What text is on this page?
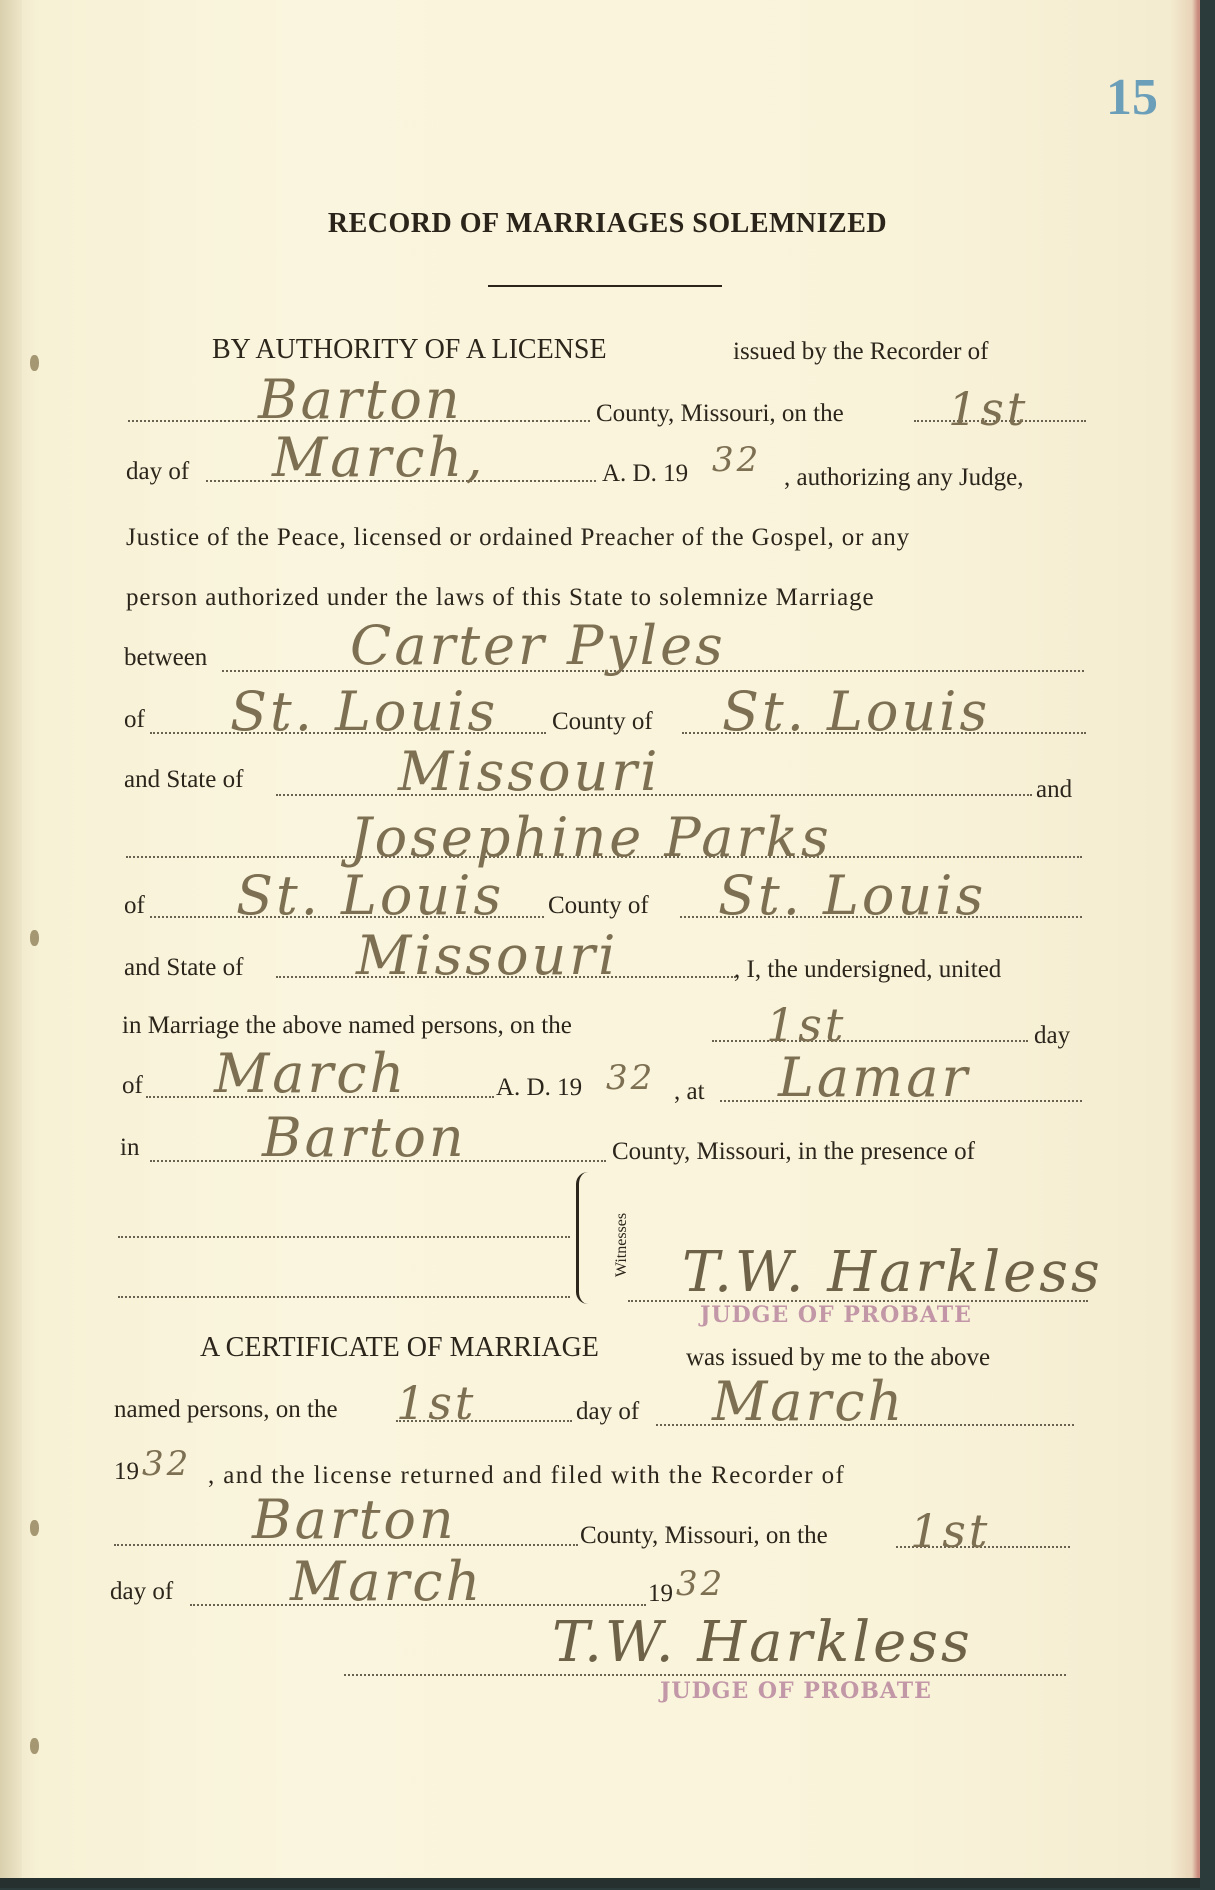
15
RECORD OF MARRIAGES SOLEMNIZED
BY AUTHORITY OF A LICENSE	issued by the Recorder of
Barton	County, Missouri, on the 1st
day of March,	A. D. 19 32 , authorizing any Judge,
Justice of the Peace, licensed or ordained Preacher of the Gospel, or any
person authorized under the laws of this State to solemnize Marriage
between	Carter Pyles
of St. Louis County of St. Louis
and State of	Missouri	and
Josephine Parks
of St. Louis County of St. Louis
and State of Missouri	, I, the undersigned, united
in Marriage the above named persons, on the	1st	day
of March	A. D. 19 32 , at Lamar
in Barton	County, Missouri, in the presence of
Witnesses T.W. Harkless
JUDGE OF PROBATE
A CERTIFICATE OF MARRIAGE	was issued by me to the above
named persons, on the 1st	day of March
19 32 , and the license returned and filed with the Recorder of
Barton	County, Missouri, on the 1st
day of March	19 32
T.W. Harkless
JUDGE OF PROBATE
